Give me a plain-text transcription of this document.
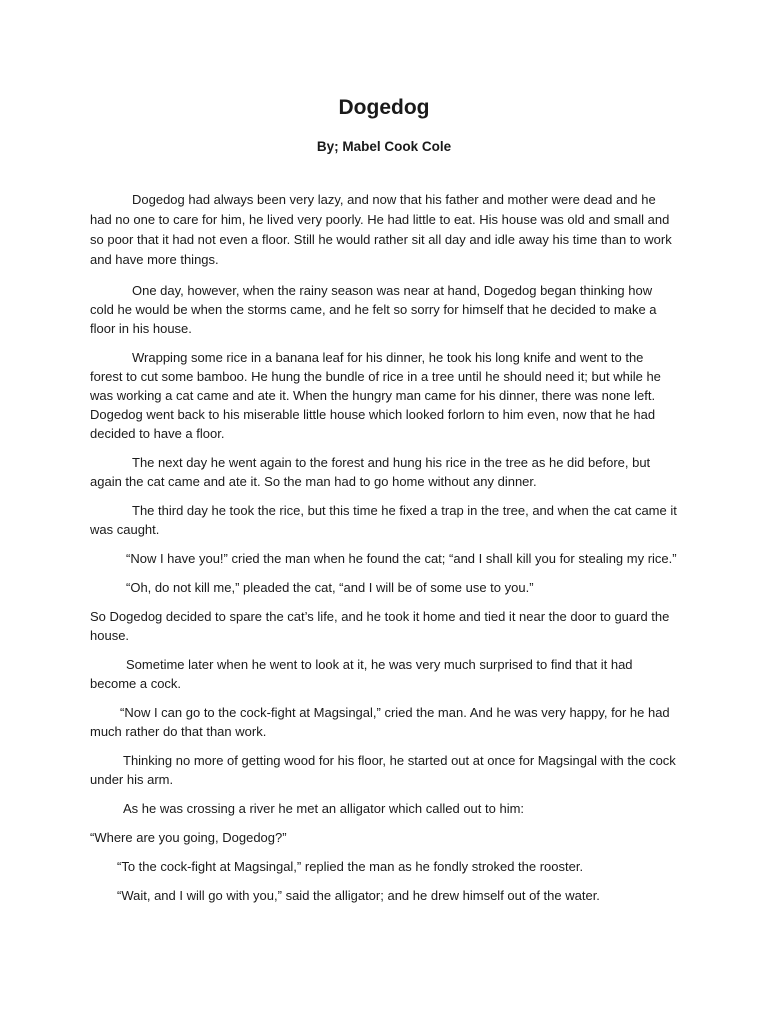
Dogedog
By; Mabel Cook Cole

Dogedog had always been very lazy, and now that his father and mother were dead and he had no one to care for him, he lived very poorly. He had little to eat. His house was old and small and so poor that it had not even a floor. Still he would rather sit all day and idle away his time than to work and have more things.

One day, however, when the rainy season was near at hand, Dogedog began thinking how cold he would be when the storms came, and he felt so sorry for himself that he decided to make a floor in his house.

Wrapping some rice in a banana leaf for his dinner, he took his long knife and went to the forest to cut some bamboo. He hung the bundle of rice in a tree until he should need it; but while he was working a cat came and ate it. When the hungry man came for his dinner, there was none left. Dogedog went back to his miserable little house which looked forlorn to him even, now that he had decided to have a floor.

The next day he went again to the forest and hung his rice in the tree as he did before, but again the cat came and ate it. So the man had to go home without any dinner.

The third day he took the rice, but this time he fixed a trap in the tree, and when the cat came it was caught.

“Now I have you!” cried the man when he found the cat; “and I shall kill you for stealing my rice.”

“Oh, do not kill me,” pleaded the cat, “and I will be of some use to you.”

So Dogedog decided to spare the cat’s life, and he took it home and tied it near the door to guard the house.

Sometime later when he went to look at it, he was very much surprised to find that it had become a cock.

“Now I can go to the cock-fight at Magsingal,” cried the man. And he was very happy, for he had much rather do that than work.

Thinking no more of getting wood for his floor, he started out at once for Magsingal with the cock under his arm.

As he was crossing a river he met an alligator which called out to him:

“Where are you going, Dogedog?”

“To the cock-fight at Magsingal,” replied the man as he fondly stroked the rooster.

“Wait, and I will go with you,” said the alligator; and he drew himself out of the water.
